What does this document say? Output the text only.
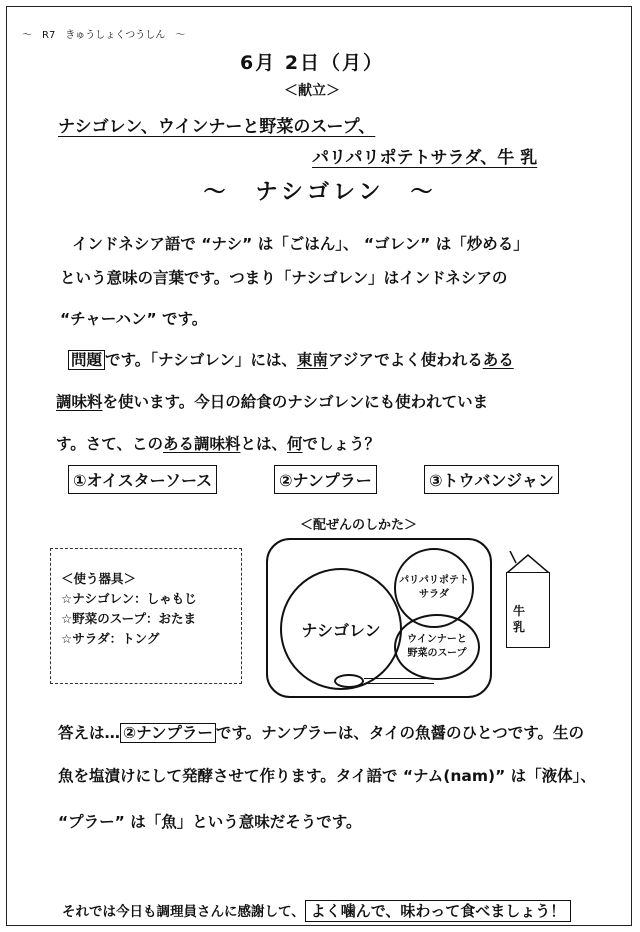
～　R7　きゅうしょくつうしん　～
6月 2日（月）
＜献立＞
ナシゴレン、ウインナーと野菜のスープ、
パリパリポテトサラダ、牛 乳
～　ナシゴレン　～
インドネシア語で “ナシ” は「ごはん」、 “ゴレン” は「炒める」
という意味の言葉です。つまり「ナシゴレン」はインドネシアの
“チャーハン” です。
問題 です。「ナシゴレン」には、東南アジアでよく使われるある
調味料を使います。今日の給食のナシゴレンにも使われていま
す。さて、このある調味料とは、何でしょう？
①オイスターソース	②ナンプラー	③トウバンジャン
＜配ぜんのしかた＞
＜使う器具＞
☆ナシゴレン：しゃもじ
☆野菜のスープ：おたま
☆サラダ：トング	ナシゴレン
パリパリポテト
サラダ
ウインナーと
野菜のスープ
牛
乳
答えは… ②ナンプラー です。ナンプラーは、タイの魚醤のひとつです。生の
魚を塩漬けにして発酵させて作ります。タイ語で “ナム(nam)” は「液体」、
“プラー” は「魚」という意味だそうです。
それでは今日も調理員さんに感謝して、 よく噛んで、味わって食べましょう！
